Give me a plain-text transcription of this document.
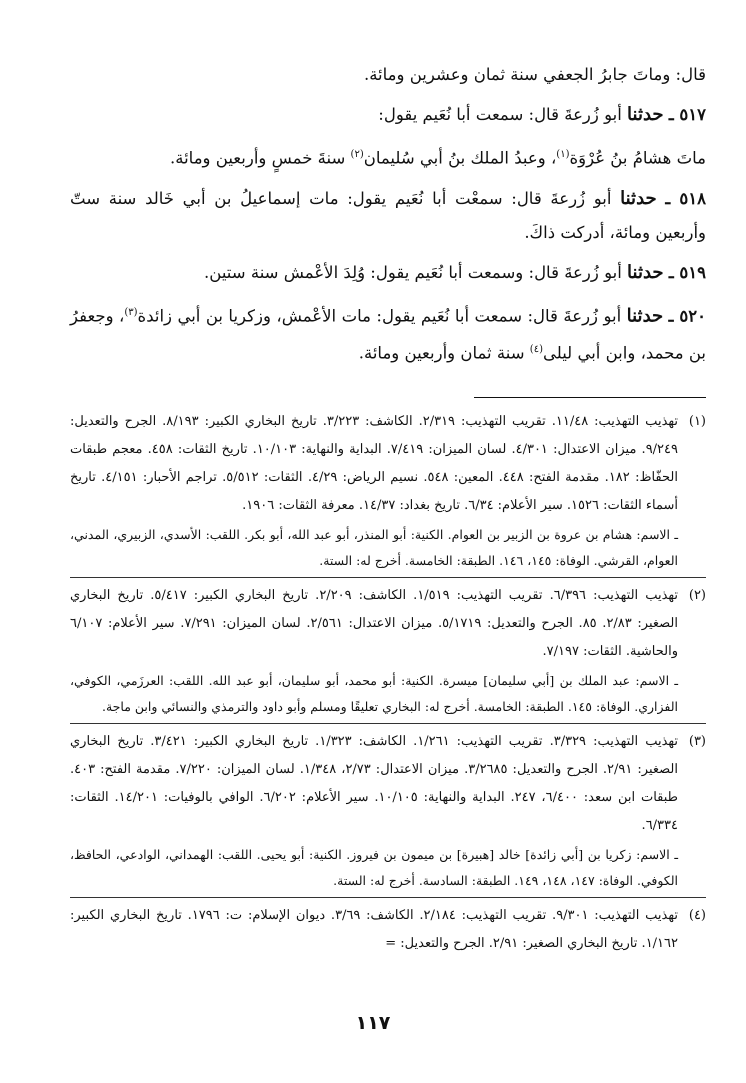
قال: وماتَ جابرُ الجعفي سنة ثمان وعشرين ومائة.

٥١٧ ـ حدثنا أبو زُرعةَ قال: سمعت أبا نُعَيم يقول:

ماتَ هشامُ بنُ عُرْوَة$^{(١)}$، وعبدُ الملك بنُ أبي سُليمان$^{(٢)}$ سنةَ خمسٍ وأربعين ومائة.

٥١٨ ـ حدثنا أبو زُرعةَ قال: سمعْت أبا نُعَيم يقول: مات إسماعيلُ بن أبي خَالد سنة ستّ وأربعين ومائة، أدركت ذاكَ.

٥١٩ ـ حدثنا أبو زُرعةَ قال: وسمعت أبا نُعَيم يقول: وُلِدَ الأعْمش سنة ستين.

٥٢٠ ـ حدثنا أبو زُرعةَ قال: سمعت أبا نُعَيم يقول: مات الأعْمش، وزكريا بن أبي زائدة$^{(٣)}$، وجعفرُ بن محمد، وابن أبي ليلى$^{(٤)}$ سنة ثمان وأربعين ومائة.

(١)

تهذيب التهذيب: ١١/٤٨. تقريب التهذيب: ٢/٣١٩. الكاشف: ٣/٢٢٣. تاريخ البخاري الكبير: ٨/١٩٣. الجرح والتعديل: ٩/٢٤٩. ميزان الاعتدال: ٤/٣٠١. لسان الميزان: ٧/٤١٩. البداية والنهاية: ١٠/١٠٣. تاريخ الثقات: ٤٥٨. معجم طبقات الحفّاظ: ١٨٢. مقدمة الفتح: ٤٤٨. المعين: ٥٤٨. نسيم الرياض: ٤/٢٩. الثقات: ٥/٥١٢. تراجم الأحبار: ٤/١٥١. تاريخ أسماء الثقات: ١٥٢٦. سير الأعلام: ٦/٣٤. تاريخ بغداد: ١٤/٣٧. معرفة الثقات: ١٩٠٦.

ـ الاسم: هشام بن عروة بن الزبير بن العوام. الكنية: أبو المنذر، أبو عبد الله، أبو بكر. اللقب: الأسدي، الزبيري، المدني، العوام، القرشي. الوفاة: ١٤٥، ١٤٦. الطبقة: الخامسة. أخرج له: الستة.

(٢)

تهذيب التهذيب: ٦/٣٩٦. تقريب التهذيب: ١/٥١٩. الكاشف: ٢/٢٠٩. تاريخ البخاري الكبير: ٥/٤١٧. تاريخ البخاري الصغير: ٢/٨٣. ٨٥. الجرح والتعديل: ٥/١٧١٩. ميزان الاعتدال: ٢/٥٦١. لسان الميزان: ٧/٢٩١. سير الأعلام: ٦/١٠٧ والحاشية. الثقات: ٧/١٩٧.

ـ الاسم: عبد الملك بن [أبي سليمان] ميسرة. الكنية: أبو محمد، أبو سليمان، أبو عبد الله. اللقب: العرزَمي، الكوفي، الفزاري. الوفاة: ١٤٥. الطبقة: الخامسة. أخرج له: البخاري تعليقًا ومسلم وأبو داود والترمذي والنسائي وابن ماجة.

(٣)

تهذيب التهذيب: ٣/٣٢٩. تقريب التهذيب: ١/٢٦١. الكاشف: ١/٣٢٣. تاريخ البخاري الكبير: ٣/٤٢١. تاريخ البخاري الصغير: ٢/٩١. الجرح والتعديل: ٣/٢٦٨٥. ميزان الاعتدال: ٢/٧٣، ١/٣٤٨. لسان الميزان: ٧/٢٢٠. مقدمة الفتح: ٤٠٣. طبقات ابن سعد: ٦/٤٠٠، ٢٤٧. البداية والنهاية: ١٠/١٠٥. سير الأعلام: ٦/٢٠٢. الوافي بالوفيات: ١٤/٢٠١. الثقات: ٦/٣٣٤.

ـ الاسم: زكريا بن [أبي زائدة] خالد [هبيرة] بن ميمون بن فيروز. الكنية: أبو يحيى. اللقب: الهمداني، الوادعي، الحافظ، الكوفي. الوفاة: ١٤٧، ١٤٨، ١٤٩. الطبقة: السادسة. أخرج له: الستة.

(٤)

تهذيب التهذيب: ٩/٣٠١. تقريب التهذيب: ٢/١٨٤. الكاشف: ٣/٦٩. ديوان الإسلام: ت: ١٧٩٦. تاريخ البخاري الكبير: ١/١٦٢. تاريخ البخاري الصغير: ٢/٩١. الجرح والتعديل: =

١١٧
